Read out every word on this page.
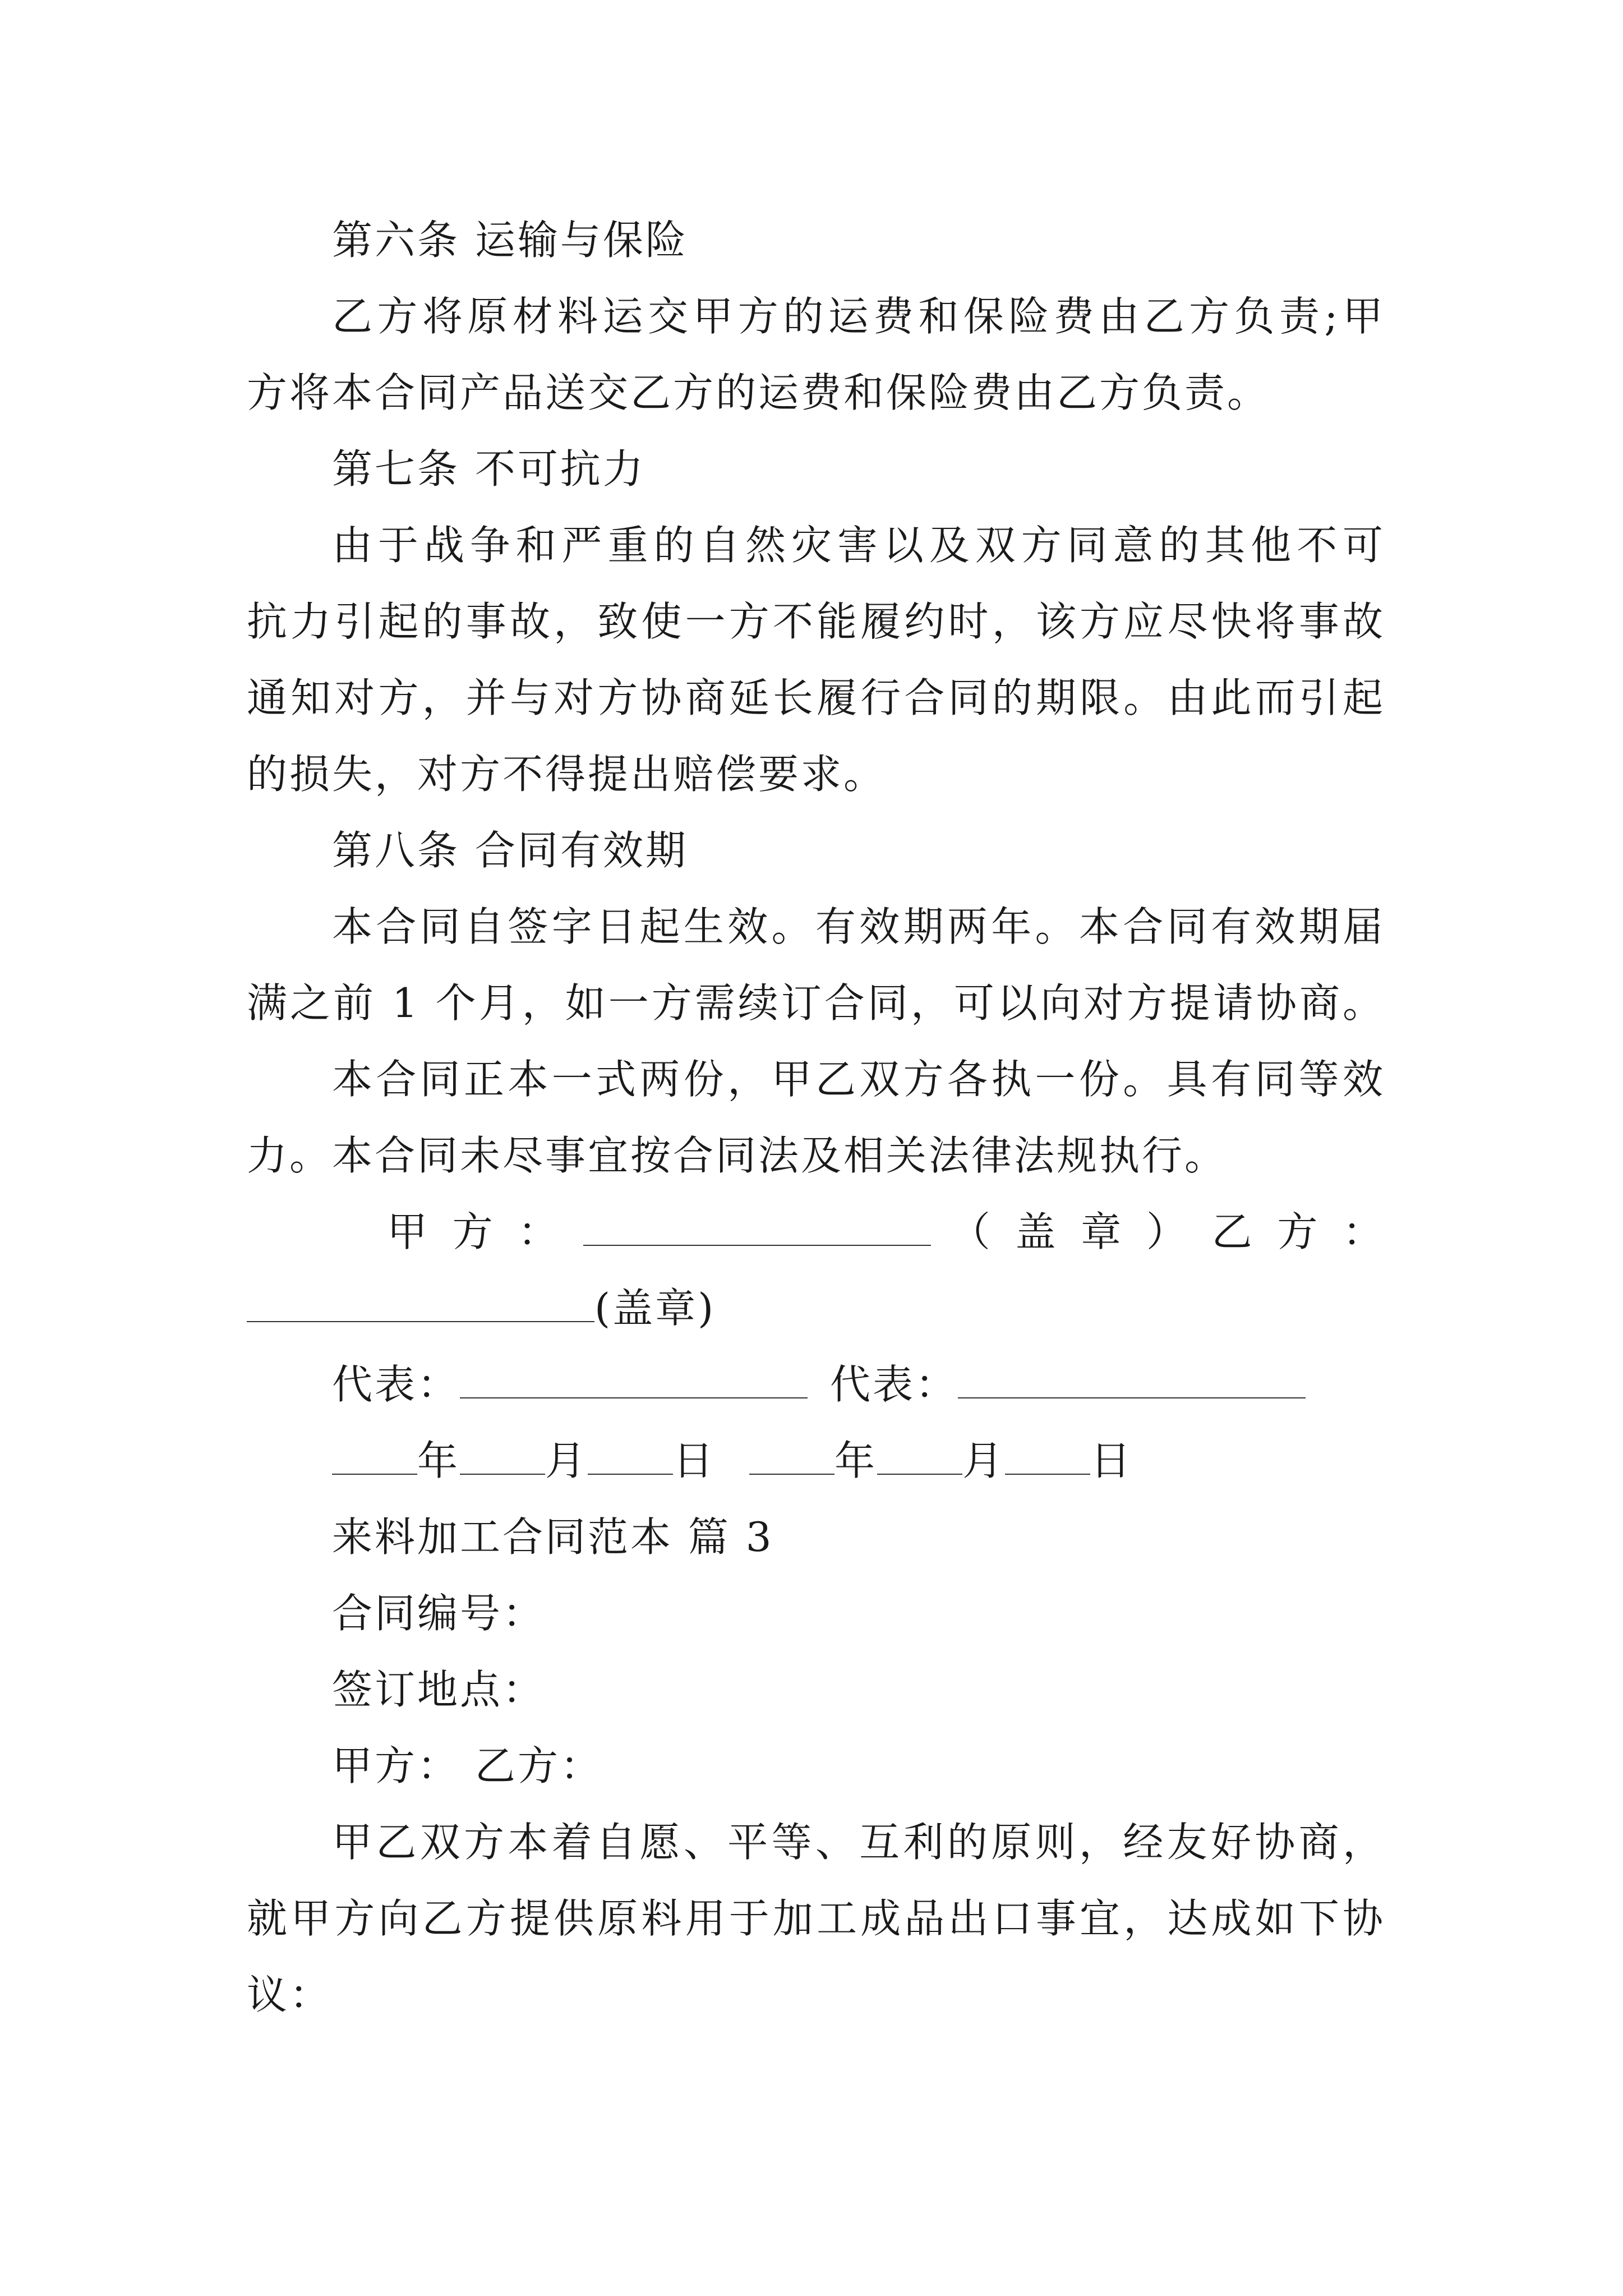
第六条 运输与保险
乙方将原材料运交甲方的运费和保险费由乙方负责;甲
方将本合同产品送交乙方的运费和保险费由乙方负责。
第七条 不可抗力
由于战争和严重的自然灾害以及双方同意的其他不可
抗力引起的事故，致使一方不能履约时，该方应尽快将事故
通知对方，并与对方协商延长履行合同的期限。由此而引起
的损失，对方不得提出赔偿要求。
第八条 合同有效期
本合同自签字日起生效。有效期两年。本合同有效期届
满之前 1 个月，如一方需续订合同，可以向对方提请协商。
本合同正本一式两份，甲乙双方各执一份。具有同等效
力。本合同未尽事宜按合同法及相关法律法规执行。
甲 方 ：	（ 盖 章 ） 乙 方 ：
(盖章)
代表：	代表：
年 月 日	年 月 日
来料加工合同范本 篇 3
合同编号：
签订地点：
甲方： 乙方：
甲乙双方本着自愿、平等、互利的原则，经友好协商，
就甲方向乙方提供原料用于加工成品出口事宜，达成如下协
议：
